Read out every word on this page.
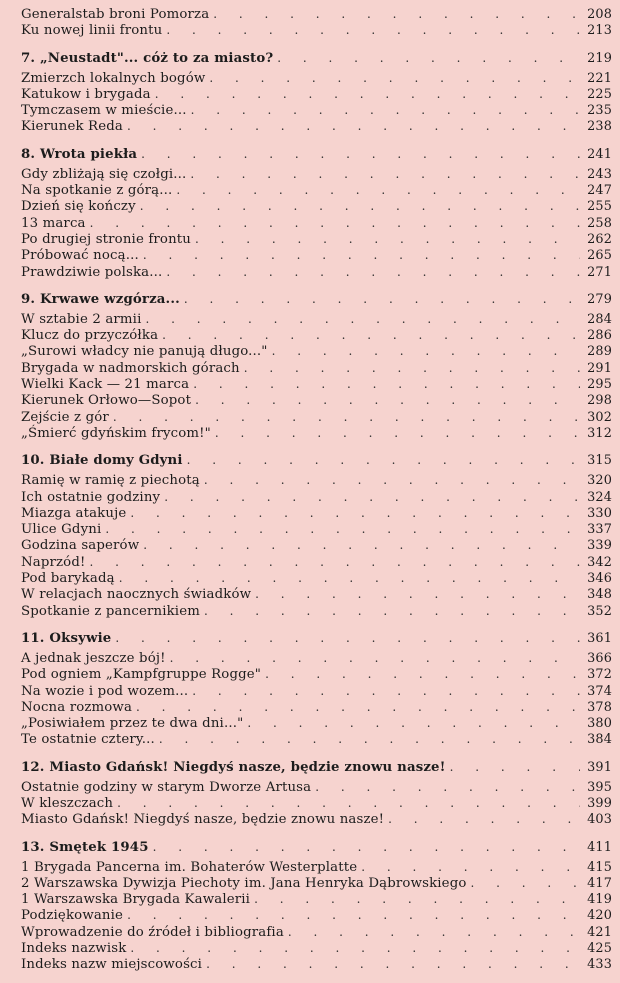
Generalstab broni Pomorza . . .	208
Ku nowej linii frontu . . .	213
7. „Neustadt"... cóż to za miasto? . . .	219
Zmierzch lokalnych bogów . . .	221
Katukow i brygada . . .	225
Tymczasem w mieście... . . .	235
Kierunek Reda . . .	238
8. Wrota piekła . . .	241
Gdy zbliżają się czołgi... . . .	243
Na spotkanie z górą... . . .	247
Dzień się kończy . . .	255
13 marca . . .	258
Po drugiej stronie frontu . . .	262
Próbować nocą... . . .	265
Prawdziwie polska... . . .	271
9. Krwawe wzgórza... . . .	279
W sztabie 2 armii . . .	284
Klucz do przyczółka . . .	286
„Surowi władcy nie panują długo..." . . .	289
Brygada w nadmorskich górach . . .	291
Wielki Kack — 21 marca . . .	295
Kierunek Orłowo—Sopot . . .	298
Zejście z gór . . .	302
„Śmierć gdyńskim frycom!" . . .	312
10. Białe domy Gdyni . . .	315
Ramię w ramię z piechotą . . .	320
Ich ostatnie godziny . . .	324
Miazga atakuje . . .	330
Ulice Gdyni . . .	337
Godzina saperów . . .	339
Naprzód! . . .	342
Pod barykadą . . .	346
W relacjach naocznych świadków . . .	348
Spotkanie z pancernikiem . . .	352
11. Oksywie . . .	361
A jednak jeszcze bój! . . .	366
Pod ogniem „Kampfgruppe Rogge" . . .	372
Na wozie i pod wozem... . . .	374
Nocna rozmowa . . .	378
„Posiwiałem przez te dwa dni..." . . .	380
Te ostatnie cztery... . . .	384
12. Miasto Gdańsk! Niegdyś nasze, będzie znowu nasze! . . .	391
Ostatnie godziny w starym Dworze Artusa . . .	395
W kleszczach . . .	399
Miasto Gdańsk! Niegdyś nasze, będzie znowu nasze! . . .	403
13. Smętek 1945 . . .	411
1 Brygada Pancerna im. Bohaterów Westerplatte . . .	415
2 Warszawska Dywizja Piechoty im. Jana Henryka Dąbrowskiego . . .	417
1 Warszawska Brygada Kawalerii . . .	419
Podziękowanie . . .	420
Wprowadzenie do źródeł i bibliografia . . .	421
Indeks nazwisk . . .	425
Indeks nazw miejscowości . . .	433
